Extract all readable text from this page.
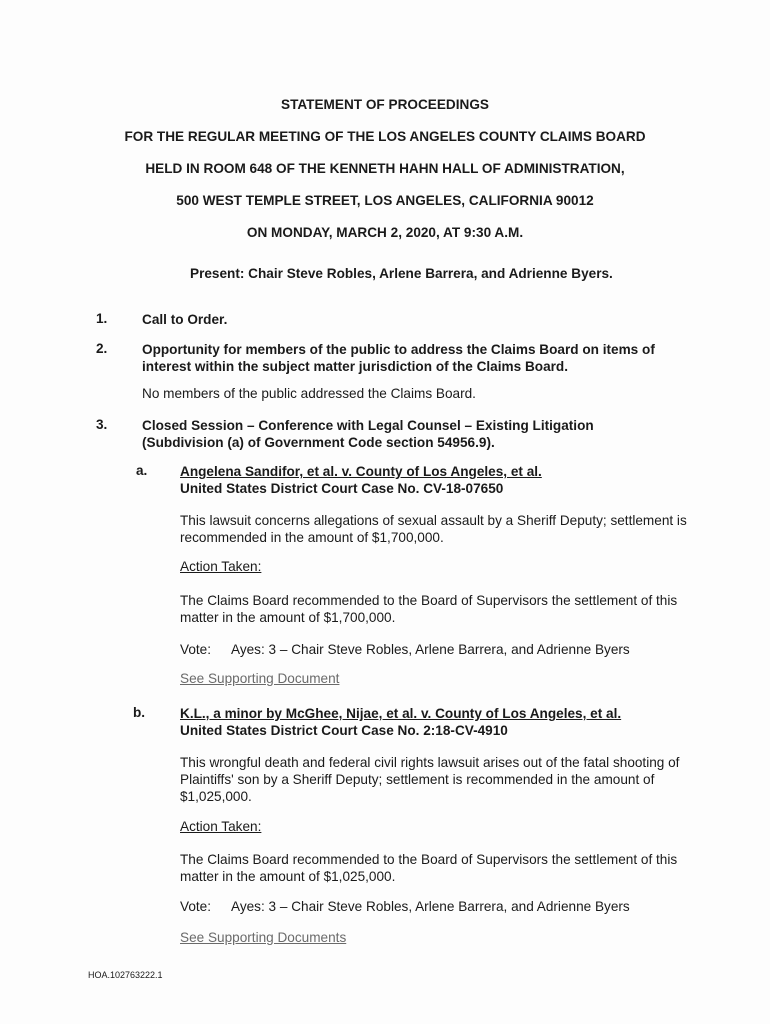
STATEMENT OF PROCEEDINGS

FOR THE REGULAR MEETING OF THE LOS ANGELES COUNTY CLAIMS BOARD

HELD IN ROOM 648 OF THE KENNETH HAHN HALL OF ADMINISTRATION,

500 WEST TEMPLE STREET, LOS ANGELES, CALIFORNIA 90012

ON MONDAY, MARCH 2, 2020, AT 9:30 A.M.

Present: Chair Steve Robles, Arlene Barrera, and Adrienne Byers.

1.	Call to Order.

2.	Opportunity for members of the public to address the Claims Board on items of
interest within the subject matter jurisdiction of the Claims Board.

No members of the public addressed the Claims Board.

3.	Closed Session – Conference with Legal Counsel – Existing Litigation
(Subdivision (a) of Government Code section 54956.9).

a. Angelena Sandifor, et al. v. County of Los Angeles, et al.
United States District Court Case No. CV-18-07650
This lawsuit concerns allegations of sexual assault by a Sheriff Deputy; settlement is
recommended in the amount of $1,700,000.

Action Taken:

The Claims Board recommended to the Board of Supervisors the settlement of this
matter in the amount of $1,700,000.

Vote: Ayes: 3 – Chair Steve Robles, Arlene Barrera, and Adrienne Byers

See Supporting Document

b.	K.L., a minor by McGhee, Nijae, et al. v. County of Los Angeles, et al.
United States District Court Case No. 2:18-CV-4910
This wrongful death and federal civil rights lawsuit arises out of the fatal shooting of
Plaintiffs' son by a Sheriff Deputy; settlement is recommended in the amount of
$1,025,000.

Action Taken:

The Claims Board recommended to the Board of Supervisors the settlement of this
matter in the amount of $1,025,000.

Vote: Ayes: 3 – Chair Steve Robles, Arlene Barrera, and Adrienne Byers

See Supporting Documents

HOA.102763222.1
